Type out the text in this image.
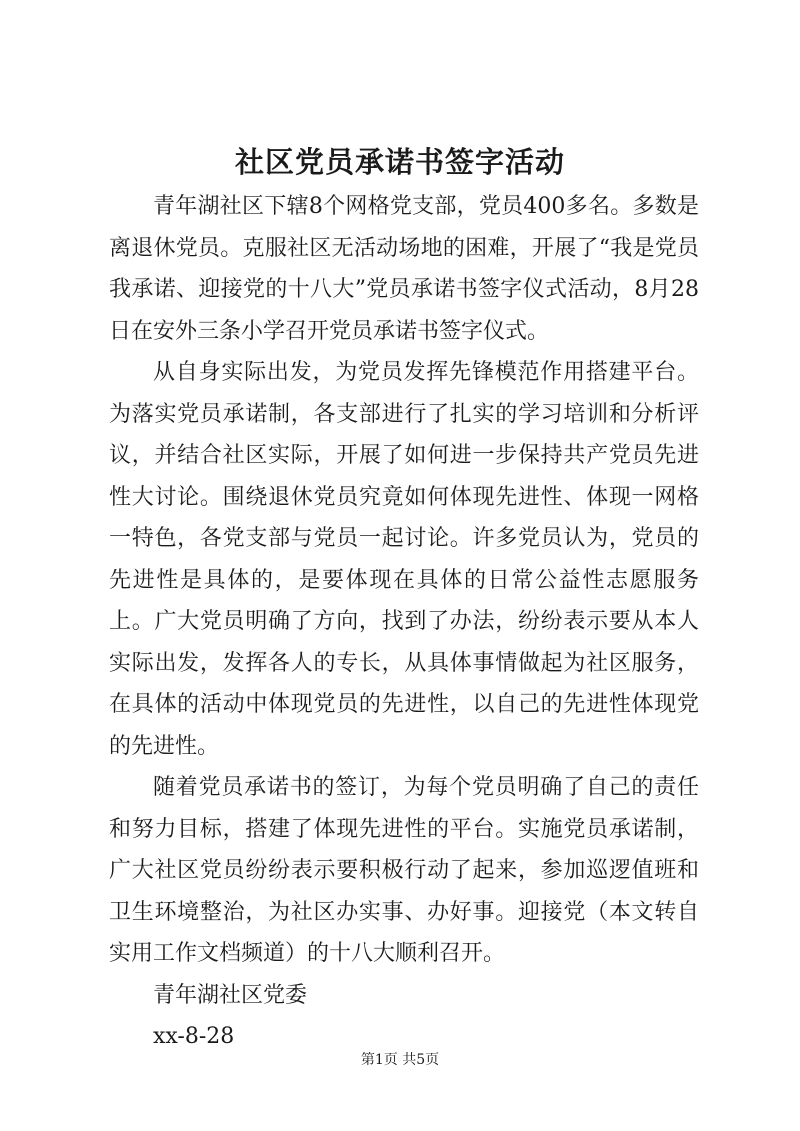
社区党员承诺书签字活动

青年湖社区下辖8个网格党支部，党员400多名。多数是离退休党员。克服社区无活动场地的困难，开展了“我是党员我承诺、迎接党的十八大”党员承诺书签字仪式活动，8月28日在安外三条小学召开党员承诺书签字仪式。

从自身实际出发，为党员发挥先锋模范作用搭建平台。为落实党员承诺制，各支部进行了扎实的学习培训和分析评议，并结合社区实际，开展了如何进一步保持共产党员先进性大讨论。围绕退休党员究竟如何体现先进性、体现一网格一特色，各党支部与党员一起讨论。许多党员认为，党员的先进性是具体的，是要体现在具体的日常公益性志愿服务上。广大党员明确了方向，找到了办法，纷纷表示要从本人实际出发，发挥各人的专长，从具体事情做起为社区服务，在具体的活动中体现党员的先进性，以自己的先进性体现党的先进性。

随着党员承诺书的签订，为每个党员明确了自己的责任和努力目标，搭建了体现先进性的平台。实施党员承诺制，广大社区党员纷纷表示要积极行动了起来，参加巡逻值班和卫生环境整治，为社区办实事、办好事。迎接党（本文转自实用工作文档频道）的十八大顺利召开。

青年湖社区党委

xx-8-28

第1页 共5页
